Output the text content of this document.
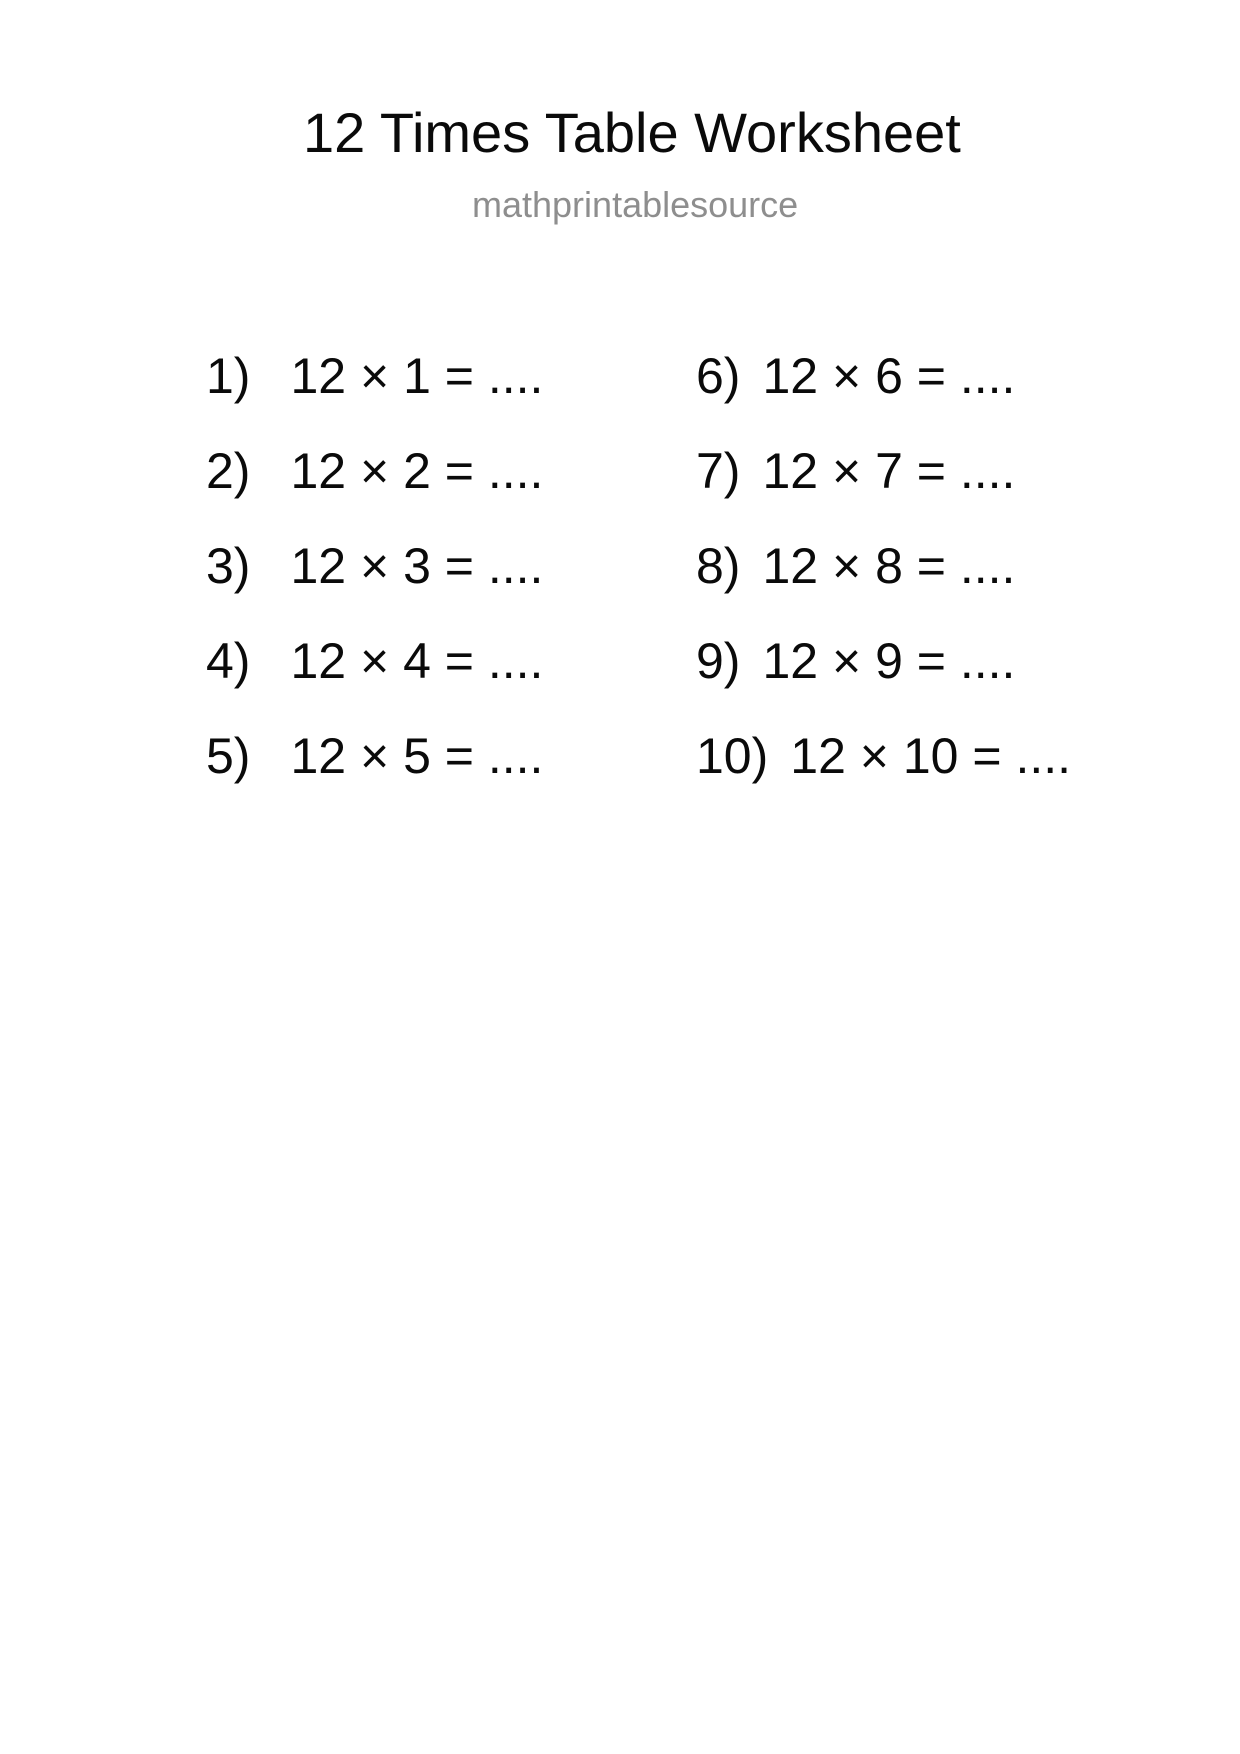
12 Times Table Worksheet
mathprintablesource
1) 12 × 1 = ....
2) 12 × 2 = ....
3) 12 × 3 = ....
4) 12 × 4 = ....
5) 12 × 5 = ....
6) 12 × 6 = ....
7) 12 × 7 = ....
8) 12 × 8 = ....
9) 12 × 9 = ....
10) 12 × 10 = ....
